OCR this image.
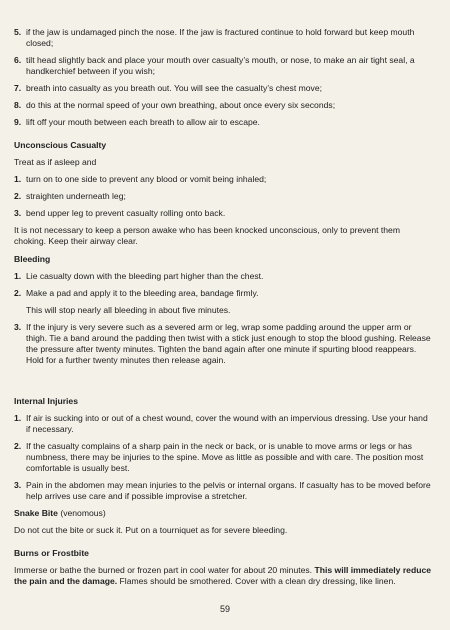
5. if the jaw is undamaged pinch the nose. If the jaw is fractured continue to hold forward but keep mouth closed;
6. tilt head slightly back and place your mouth over casualty’s mouth, or nose, to make an air tight seal, a handkerchief between if you wish;
7. breath into casualty as you breath out. You will see the casualty’s chest move;
8. do this at the normal speed of your own breathing, about once every six seconds;
9. lift off your mouth between each breath to allow air to escape.
Unconscious Casualty
Treat as if asleep and
1. turn on to one side to prevent any blood or vomit being inhaled;
2. straighten underneath leg;
3. bend upper leg to prevent casualty rolling onto back.
It is not necessary to keep a person awake who has been knocked unconscious, only to prevent them choking. Keep their airway clear.
Bleeding
1. Lie casualty down with the bleeding part higher than the chest.
2. Make a pad and apply it to the bleeding area, bandage firmly.
This will stop nearly all bleeding in about five minutes.
3. If the injury is very severe such as a severed arm or leg, wrap some padding around the upper arm or thigh. Tie a band around the padding then twist with a stick just enough to stop the blood gushing. Release the pressure after twenty minutes. Tighten the band again after one minute if spurting blood reappears. Hold for a further twenty minutes then release again.
Internal Injuries
1. If air is sucking into or out of a chest wound, cover the wound with an impervious dressing. Use your hand if necessary.
2. If the casualty complains of a sharp pain in the neck or back, or is unable to move arms or legs or has numbness, there may be injuries to the spine. Move as little as possible and with care. The position most comfortable is usually best.
3. Pain in the abdomen may mean injuries to the pelvis or internal organs. If casualty has to be moved before help arrives use care and if possible improvise a stretcher.
Snake Bite (venomous)
Do not cut the bite or suck it. Put on a tourniquet as for severe bleeding.
Burns or Frostbite
Immerse or bathe the burned or frozen part in cool water for about 20 minutes. This will immediately reduce the pain and the damage. Flames should be smothered. Cover with a clean dry dressing, like linen.
59
